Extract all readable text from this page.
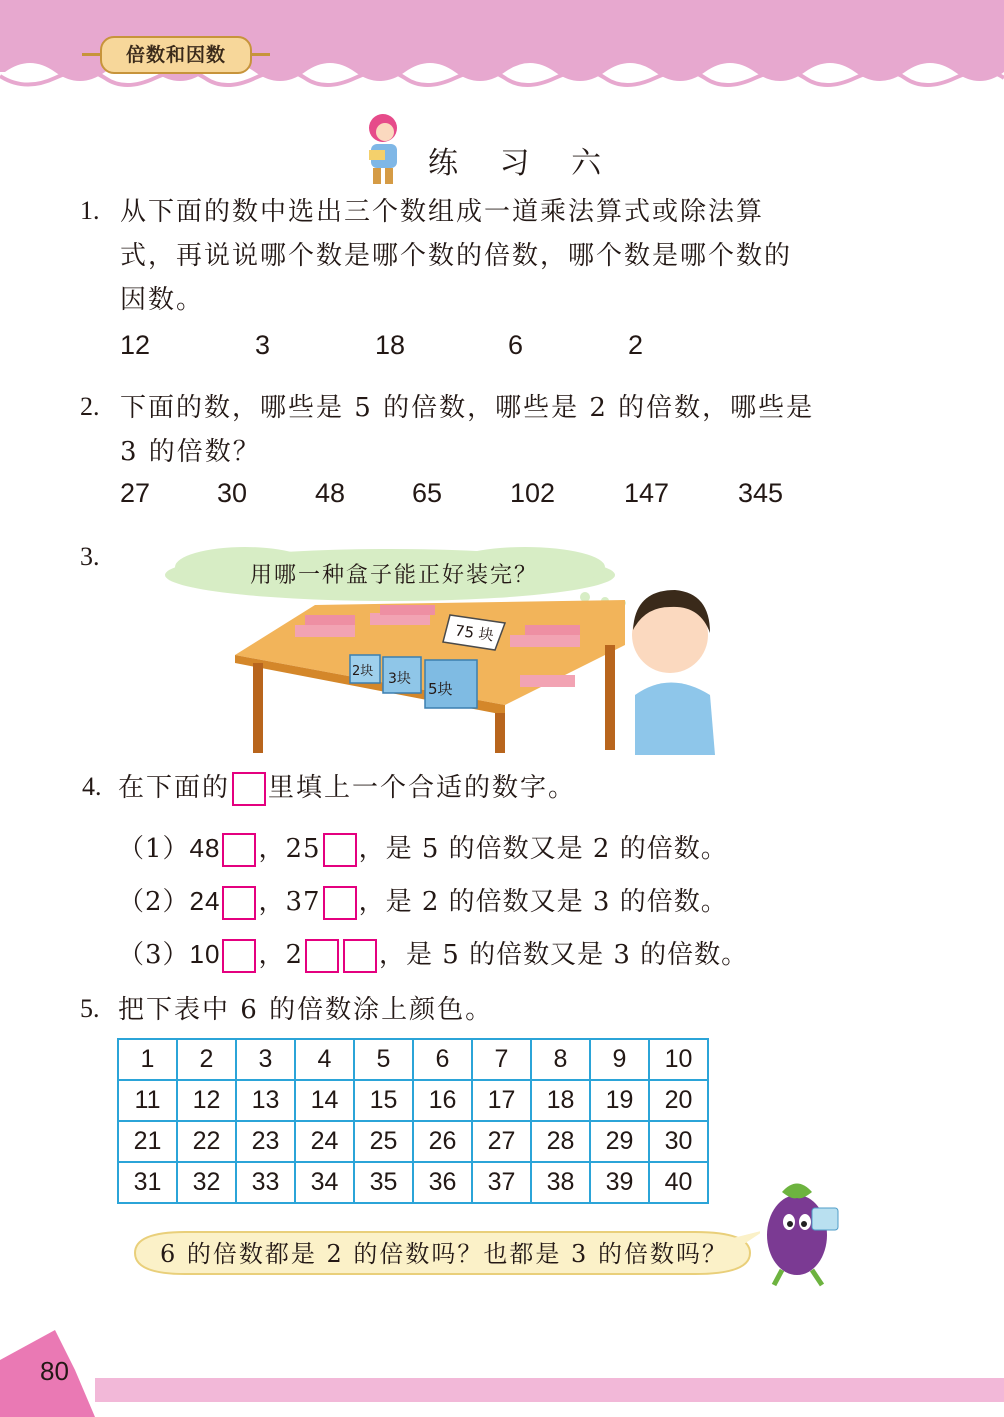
倍数和因数
练 习 六
1. 从下面的数中选出三个数组成一道乘法算式或除法算
式，再说说哪个数是哪个数的倍数，哪个数是哪个数的
因数。
12	3	18	6	2
2. 下面的数，哪些是 5 的倍数，哪些是 2 的倍数，哪些是
3 的倍数？
27 30	48 65	102	147	345
3.
用哪一种盒子能正好装完？
75 块
2块 3块
5块
4. 在下面的 里填上一个合适的数字。
（1）48 ，25 ，是 5 的倍数又是 2 的倍数。
（2）24 ，37 ，是 2 的倍数又是 3 的倍数。
（3）10 ，2	，是 5 的倍数又是 3 的倍数。
5. 把下表中 6 的倍数涂上颜色。
1	2	3	4	5	6	7	8	9	10
11	12	13	14	15	16	17	18	19	20
21	22	23	24	25	26	27	28	29	30
31	32	33	34	35	36	37	38	39	40
6 的倍数都是 2 的倍数吗？也都是 3 的倍数吗？
80
